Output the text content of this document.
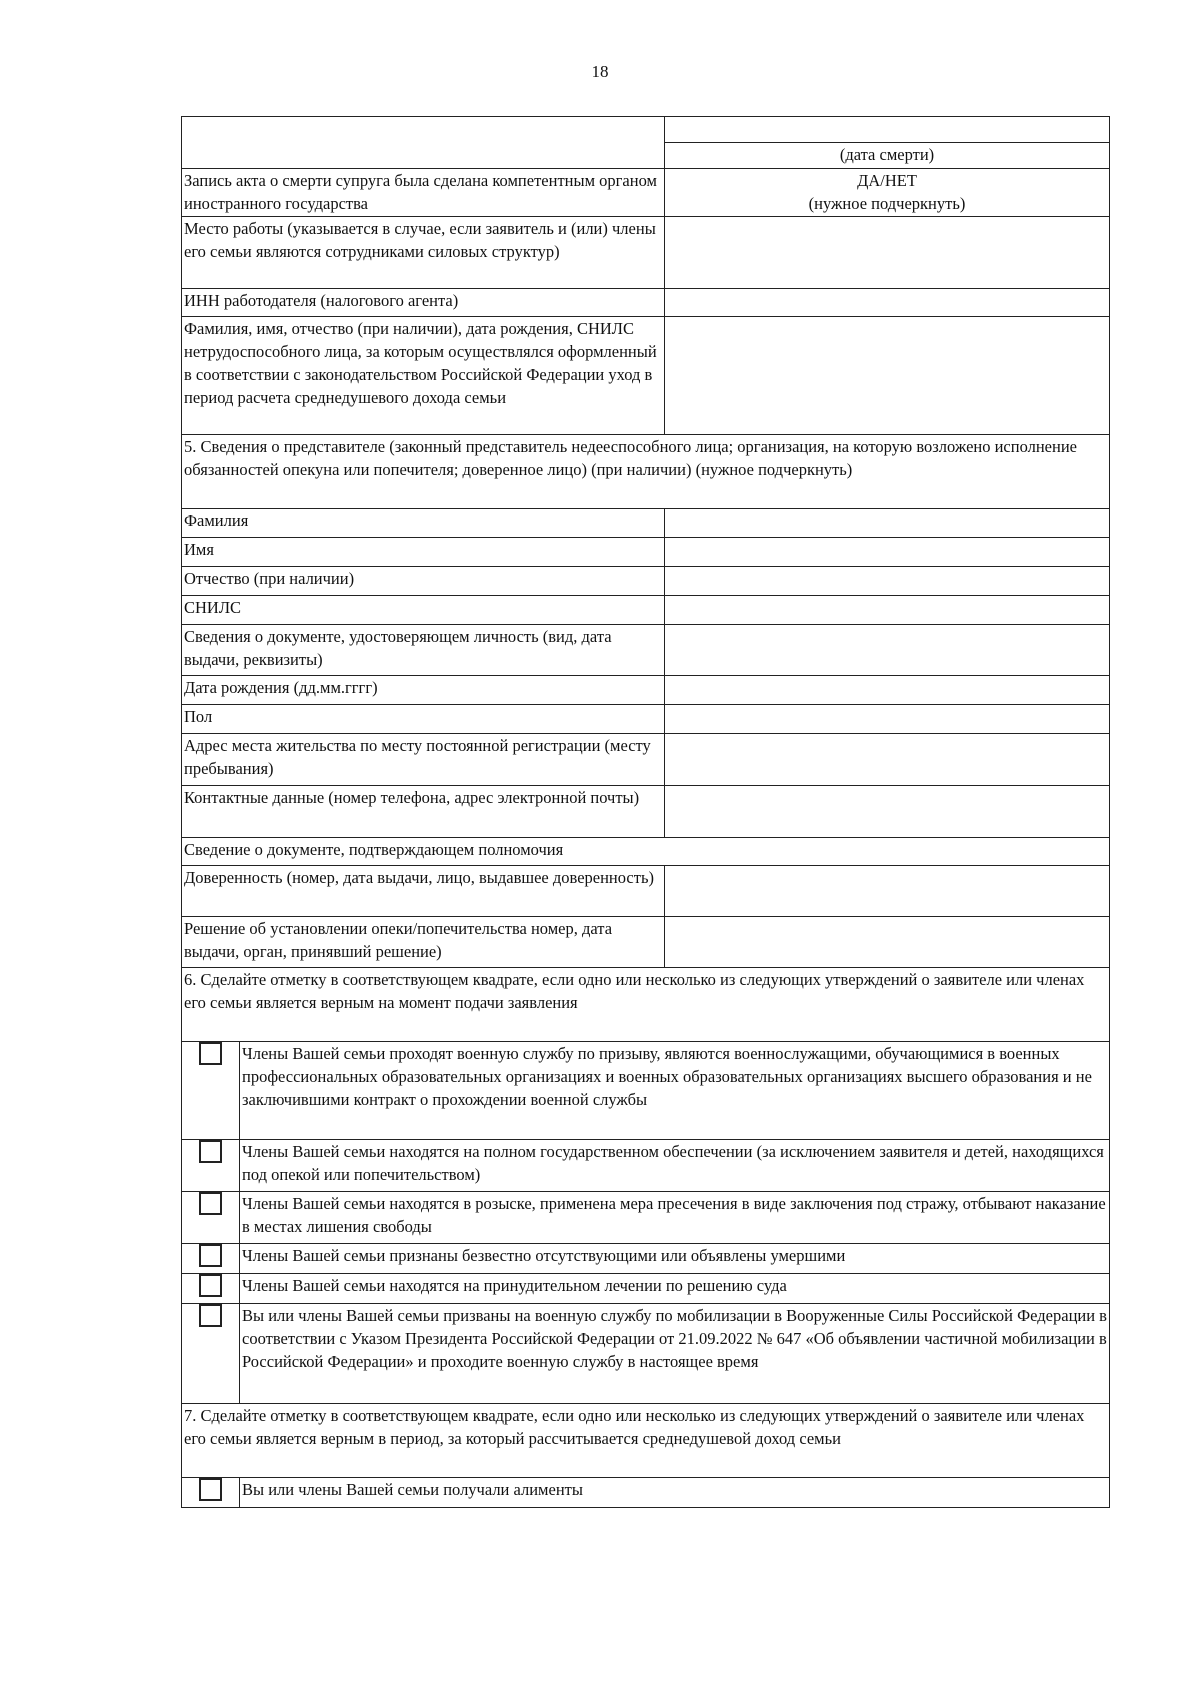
18

		(дата смерти)
Запись акта о смерти супруга была сделана компетентным органом иностранного государства		ДА/НЕТ
(нужное подчеркнуть)

Место работы (указывается в случае, если заявитель и (или) члены его семьи являются сотрудниками силовых структур)		
ИНН работодателя (налогового агента)		
Фамилия, имя, отчество (при наличии), дата рождения, СНИЛС нетрудоспособного лица, за которым осуществлялся оформленный в соответствии с законодательством Российской Федерации уход в период расчета среднедушевого дохода семьи		
5. Сведения о представителе (законный представитель недееспособного лица; организация, на которую возложено исполнение обязанностей опекуна или попечителя; доверенное лицо) (при наличии) (нужное подчеркнуть)		
Фамилия		
Имя		
Отчество (при наличии)		
СНИЛС		
Сведения о документе, удостоверяющем личность (вид, дата выдачи, реквизиты)		
Дата рождения (дд.мм.гггг)		
Пол		
Адрес места жительства по месту постоянной регистрации (месту пребывания)		
Контактные данные (номер телефона, адрес электронной почты)		
Сведение о документе, подтверждающем полномочия		
Доверенность (номер, дата выдачи, лицо, выдавшее доверенность)		
Решение об установлении опеки/попечительства номер, дата выдачи, орган, принявший решение)		
6. Сделайте отметку в соответствующем квадрате, если одно или несколько из следующих утверждений о заявителе или членах его семьи является верным на момент подачи заявления		
	Члены Вашей семьи проходят военную службу по призыву, являются военнослужащими, обучающимися в военных профессиональных образовательных организациях и военных образовательных организациях высшего образования и не заключившими контракт о прохождении военной службы	
	Члены Вашей семьи находятся на полном государственном обеспечении (за исключением заявителя и детей, находящихся под опекой или попечительством)	
	Члены Вашей семьи находятся в розыске, применена мера пресечения в виде заключения под стражу, отбывают наказание в местах лишения свободы	
	Члены Вашей семьи признаны безвестно отсутствующими или объявлены умершими	
	Члены Вашей семьи находятся на принудительном лечении по решению суда	
	Вы или члены Вашей семьи призваны на военную службу по мобилизации в Вооруженные Силы Российской Федерации в соответствии с Указом Президента Российской Федерации от 21.09.2022 № 647 «Об объявлении частичной мобилизации в Российской Федерации» и проходите военную службу в настоящее время	
7. Сделайте отметку в соответствующем квадрате, если одно или несколько из следующих утверждений о заявителе или членах его семьи является верным в период, за который рассчитывается среднедушевой доход семьи		
	Вы или члены Вашей семьи получали алименты	
